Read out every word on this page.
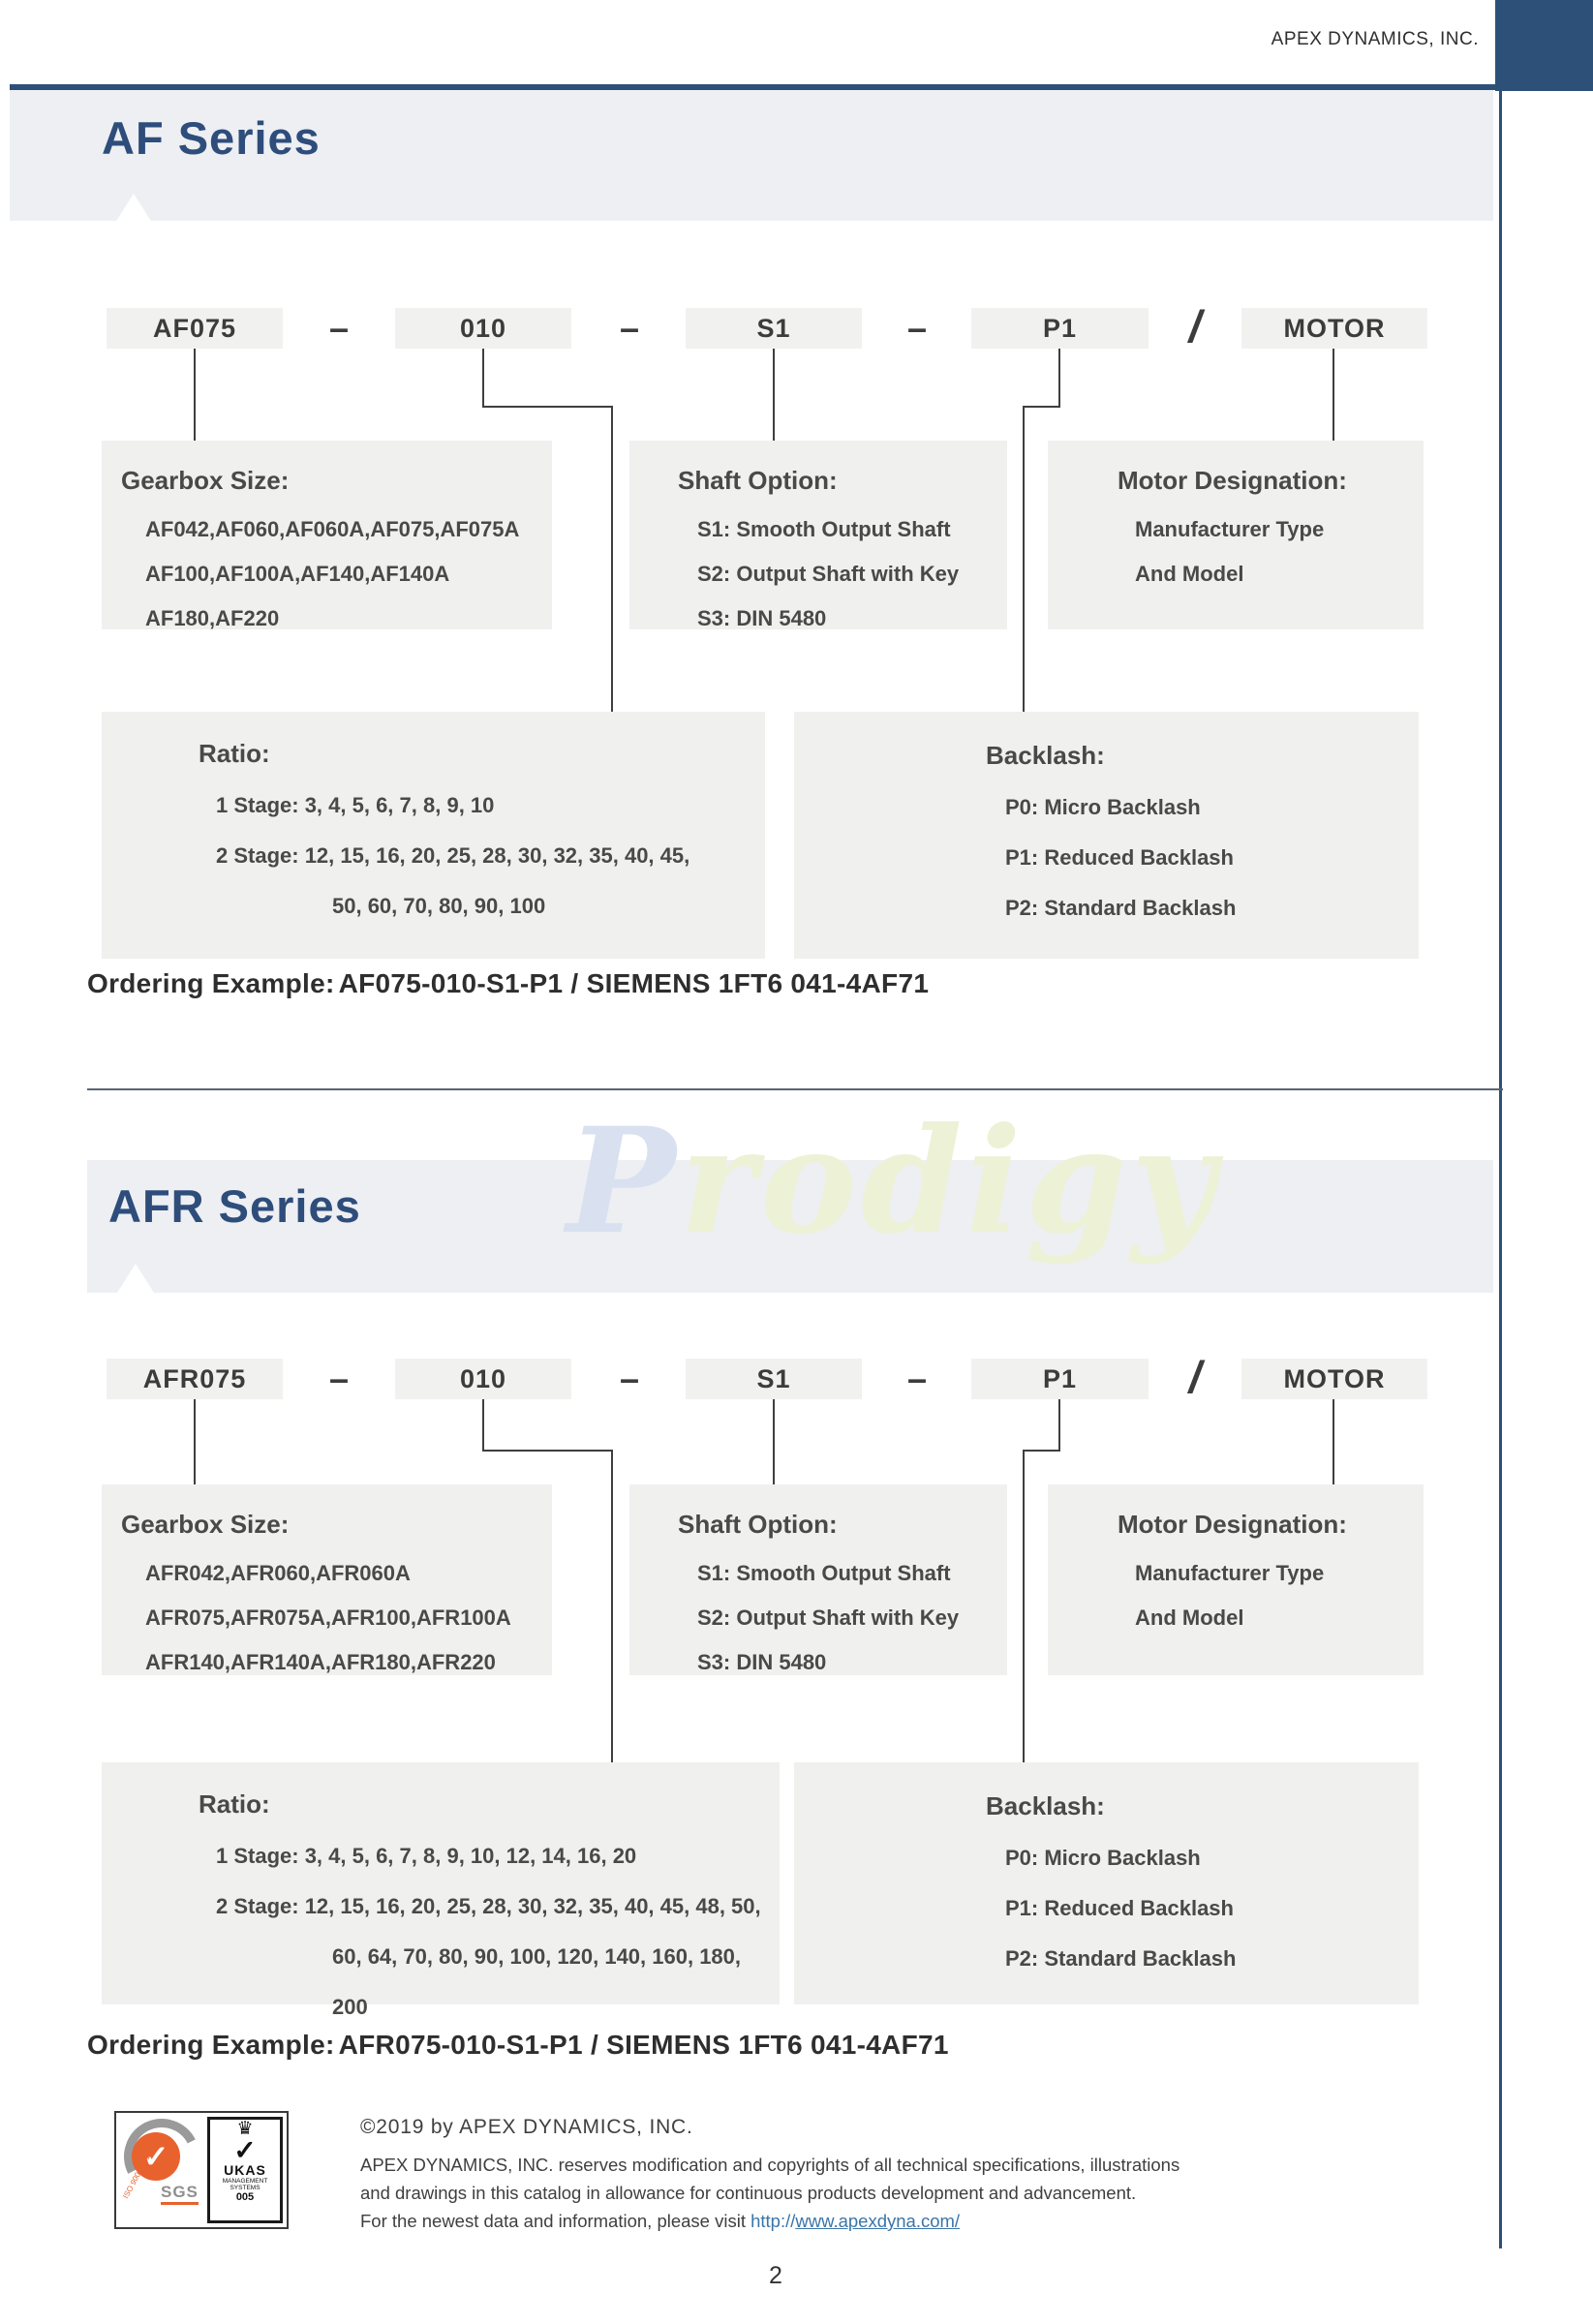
APEX DYNAMICS, INC.
AF Series
AF075	–	010	–	S1	–	P1	/	MOTOR
Gearbox Size:
AF042,AF060,AF060A,AF075,AF075A
AF100,AF100A,AF140,AF140A
AF180,AF220
Shaft Option:
S1: Smooth Output Shaft
S2: Output Shaft with Key
S3: DIN 5480
Motor Designation:
Manufacturer Type
And Model
Ratio:
1 Stage: 3, 4, 5, 6, 7, 8, 9, 10
2 Stage: 12, 15, 16, 20, 25, 28, 30, 32, 35, 40, 45,
50, 60, 70, 80, 90, 100
Backlash:
P0: Micro Backlash
P1: Reduced Backlash
P2: Standard Backlash
Ordering Example: AF075-010-S1-P1 / SIEMENS 1FT6 041-4AF71
Prodigy
AFR Series
AFR075	–	010	–	S1	–	P1	/	MOTOR
Gearbox Size:
AFR042,AFR060,AFR060A
AFR075,AFR075A,AFR100,AFR100A
AFR140,AFR140A,AFR180,AFR220
Shaft Option:
S1: Smooth Output Shaft
S2: Output Shaft with Key
S3: DIN 5480
Motor Designation:
Manufacturer Type
And Model
Ratio:
1 Stage: 3, 4, 5, 6, 7, 8, 9, 10, 12, 14, 16, 20
2 Stage: 12, 15, 16, 20, 25, 28, 30, 32, 35, 40, 45, 48, 50,
60, 64, 70, 80, 90, 100, 120, 140, 160, 180, 200
Backlash:
P0: Micro Backlash
P1: Reduced Backlash
P2: Standard Backlash
Ordering Example: AFR075-010-S1-P1 / SIEMENS 1FT6 041-4AF71
✓
ISO 9001-2010 SGS
♛
✓
UKAS
MANAGEMENT
SYSTEMS
005

©2019 by APEX DYNAMICS, INC.

APEX DYNAMICS, INC. reserves modification and copyrights of all technical specifications, illustrations

and drawings in this catalog in allowance for continuous products development and advancement.

For the newest data and information, please visit http://www.apexdyna.com/

2
